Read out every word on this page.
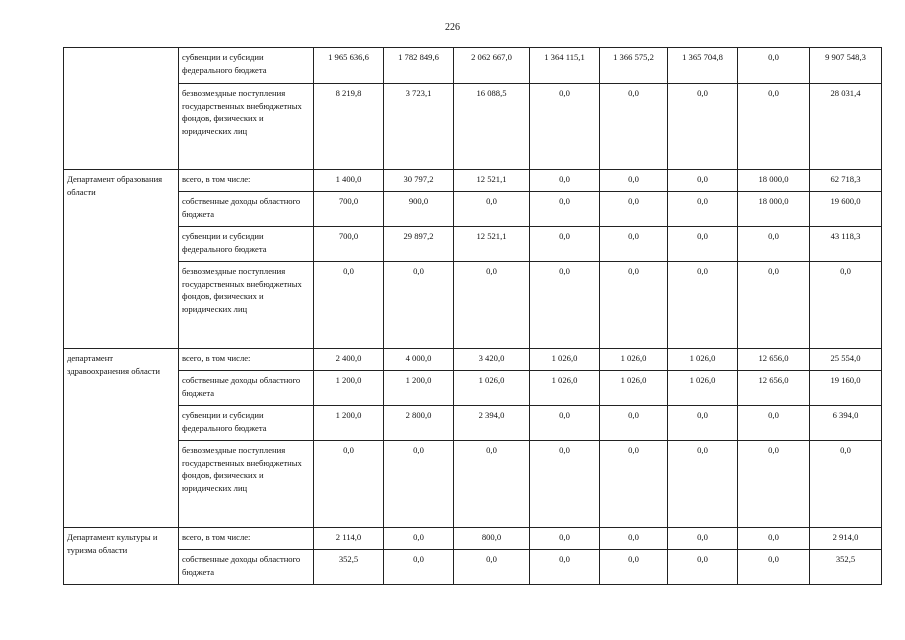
226
	субвенции и субсидии федерального бюджета	1 965 636,6	1 782 849,6	2 062 667,0	1 364 115,1	1 366 575,2	1 365 704,8	0,0	9 907 548,3
	безвозмездные поступления государственных внебюджетных фондов, физических и юридических лиц	8 219,8	3 723,1	16 088,5	0,0	0,0	0,0	0,0	28 031,4
Департамент образования области	всего, в том числе:	1 400,0	30 797,2	12 521,1	0,0	0,0	0,0	18 000,0	62 718,3
	собственные доходы областного бюджета	700,0	900,0	0,0	0,0	0,0	0,0	18 000,0	19 600,0
	субвенции и субсидии федерального бюджета	700,0	29 897,2	12 521,1	0,0	0,0	0,0	0,0	43 118,3
	безвозмездные поступления государственных внебюджетных фондов, физических и юридических лиц	0,0	0,0	0,0	0,0	0,0	0,0	0,0	0,0
департамент здравоохранения области	всего, в том числе:	2 400,0	4 000,0	3 420,0	1 026,0	1 026,0	1 026,0	12 656,0	25 554,0
	собственные доходы областного бюджета	1 200,0	1 200,0	1 026,0	1 026,0	1 026,0	1 026,0	12 656,0	19 160,0
	субвенции и субсидии федерального бюджета	1 200,0	2 800,0	2 394,0	0,0	0,0	0,0	0,0	6 394,0
	безвозмездные поступления государственных внебюджетных фондов, физических и юридических лиц	0,0	0,0	0,0	0,0	0,0	0,0	0,0	0,0
Департамент культуры и туризма области	всего, в том числе:	2 114,0	0,0	800,0	0,0	0,0	0,0	0,0	2 914,0
	собственные доходы областного бюджета	352,5	0,0	0,0	0,0	0,0	0,0	0,0	352,5
